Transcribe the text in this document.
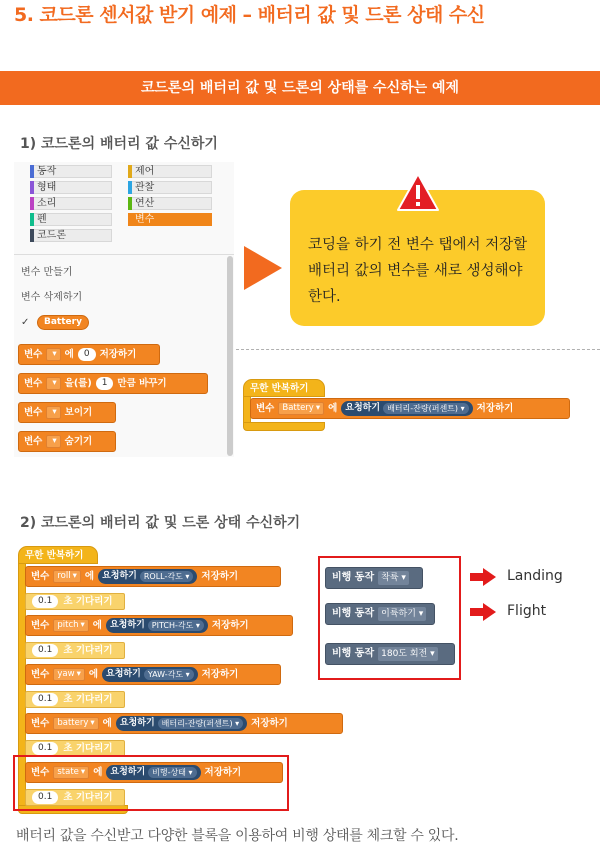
5. 코드론 센서값 받기 예제 – 배터리 값 및 드론 상태 수신
코드론의 배터리 값 및 드론의 상태를 수신하는 예제
1) 코드론의 배터리 값 수신하기
동작
형태
소리
펜
코드론
제어
관찰
연산
변수
변수 만들기
변수 삭제하기
✓	Battery
변수 ▾ 에	0	저장하기
변수 ▾ 을(를)	1	만큼 바꾸기
변수 ▾ 보이기
변수 ▾ 숨기기
코딩을 하기 전 변수 탭에서 저장할 배터리 값의 변수를 새로 생성해야 한다.
무한 반복하기
변수 Battery ▾	에 요청하기 배터리-잔량(퍼센트) ▾	저장하기
2) 코드론의 배터리 값 및 드론 상태 수신하기
무한 반복하기
변수 roll ▾	에 요청하기 ROLL-각도 ▾	저장하기
0.1	초 기다리기
변수 pitch ▾	에 요청하기 PITCH-각도 ▾	저장하기
0.1	초 기다리기
변수 yaw ▾	에 요청하기 YAW-각도 ▾	저장하기
0.1	초 기다리기
변수 battery ▾	에 요청하기 배터리-잔량(퍼센트) ▾	저장하기
0.1	초 기다리기
변수 state ▾	에 요청하기 비행-상태 ▾	저장하기
0.1	초 기다리기
비행 동작 착륙 ▾
비행 동작 이륙하기 ▾
비행 동작 180도 회전 ▾
Landing
Flight
배터리 값을 수신받고 다양한 블록을 이용하여 비행 상태를 체크할 수 있다.
